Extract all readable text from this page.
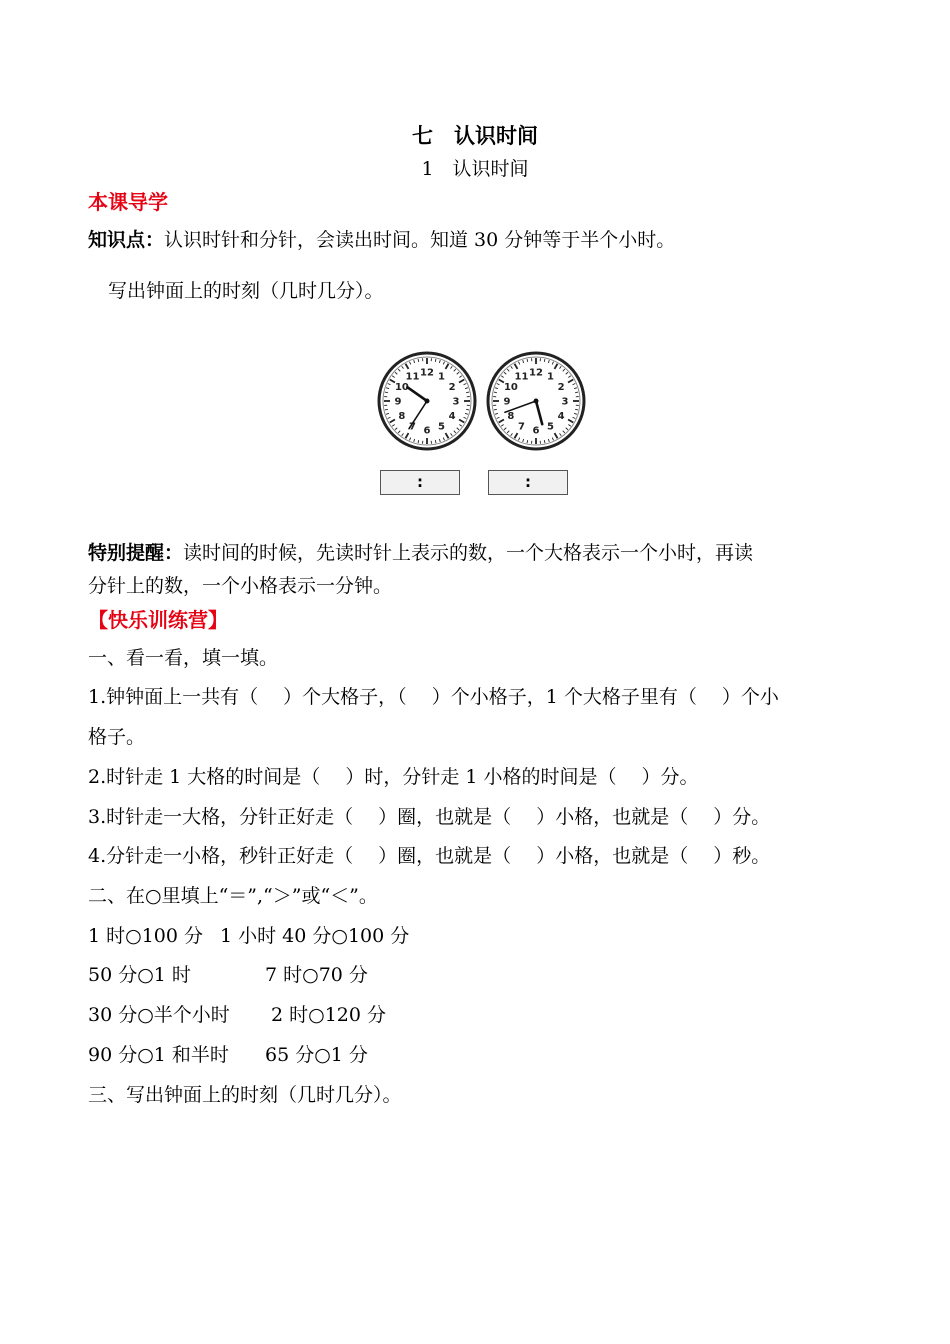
七　认识时间
1　认识时间
本课导学
知识点：认识时针和分针，会读出时间。知道 30 分钟等于半个小时。
写出钟面上的时刻（几时几分）。
1
2
3
4
5
6
7
8
9
10
11 12	1
2
3
4
5
6
7
8
9
10
11 12
:	:
特别提醒：读时间的时候，先读时针上表示的数，一个大格表示一个小时，再读
分针上的数，一个小格表示一分钟。
【快乐训练营】
一、看一看，填一填。
1.钟钟面上一共有（　 ）个大格子，（　 ）个小格子，1 个大格子里有（　 ）个小
格子。
2.时针走 1 大格的时间是（　 ）时，分针走 1 小格的时间是（　 ）分。
3.时针走一大格，分针正好走（　 ）圈，也就是（　 ）小格，也就是（　 ）分。
4.分针走一小格，秒针正好走（　 ）圈，也就是（　 ）小格，也就是（　 ）秒。
二、在○里填上“＝”,“＞”或“＜”。
1 时○100 分 1 小时 40 分○100 分
50 分○1 时	7 时○70 分
30 分○半个小时 2 时○120 分
90 分○1 和半时 65 分○1 分
三、写出钟面上的时刻（几时几分）。
